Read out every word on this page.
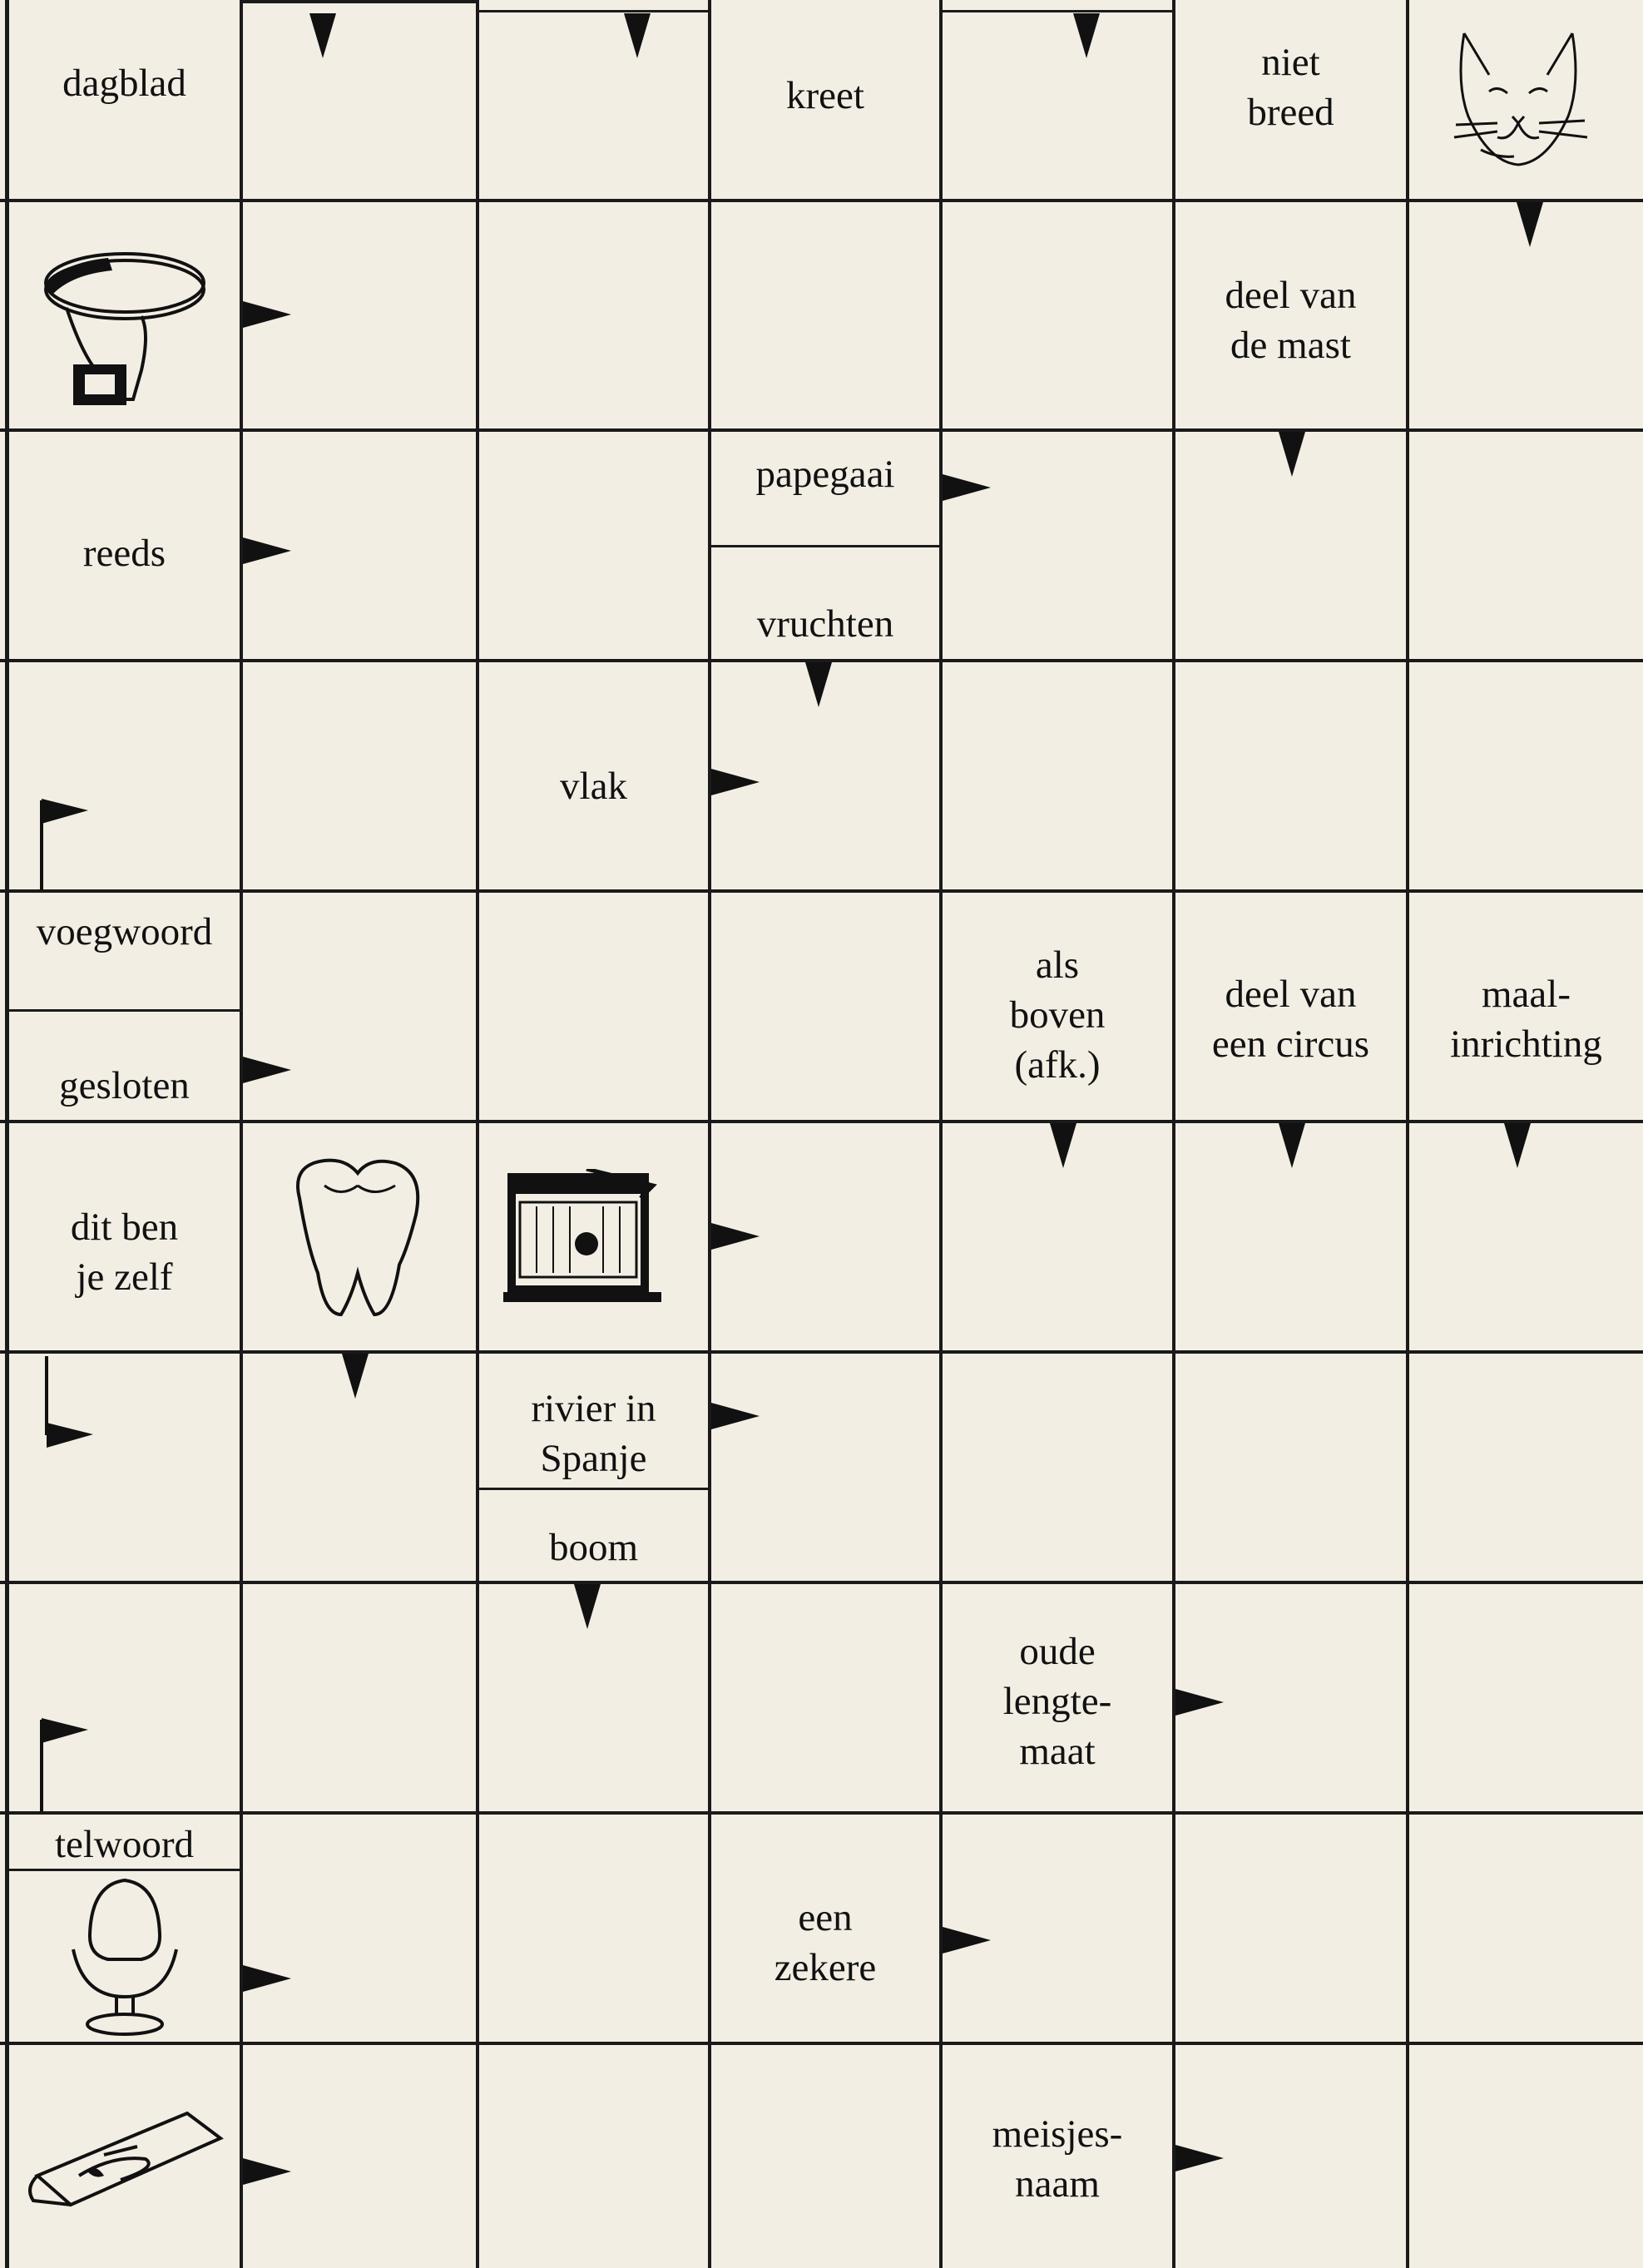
dagblad	kreet
niet
breed
deel van
de mast
papegaai
reeds
vruchten
vlak
voegwoord
gesloten
als
boven
(afk.)
deel van
een circus
maal-
inrichting
dit ben
je zelf
rivier in
Spanje
boom
oude
lengte-
maat
telwoord
een
zekere
meisjes-
naam
